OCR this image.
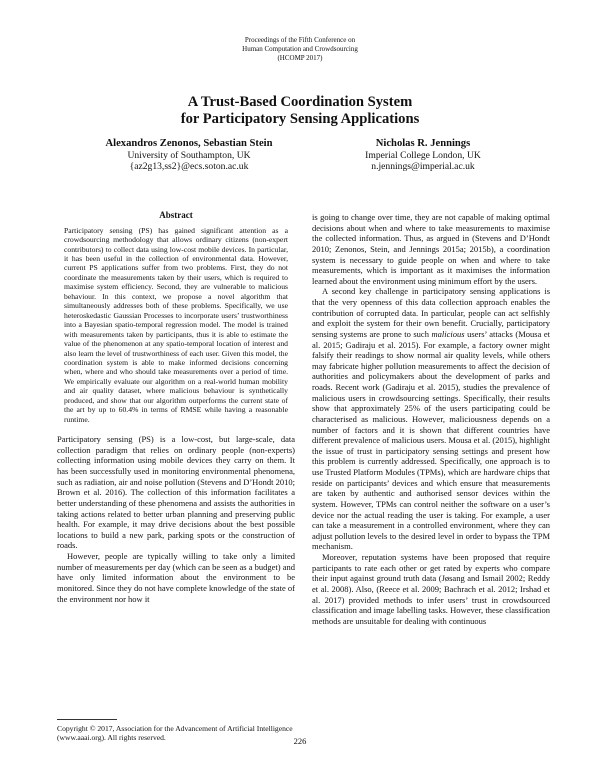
Proceedings of the Fifth Conference on
Human Computation and Crowdsourcing
(HCOMP 2017)
A Trust-Based Coordination System
for Participatory Sensing Applications
Alexandros Zenonos, Sebastian Stein
University of Southampton, UK
{az2g13,ss2}@ecs.soton.ac.uk
Nicholas R. Jennings
Imperial College London, UK
n.jennings@imperial.ac.uk
Abstract
Participatory sensing (PS) has gained significant attention as a crowdsourcing methodology that allows ordinary citizens (non-expert contributors) to collect data using low-cost mobile devices. In particular, it has been useful in the collection of environmental data. However, current PS applications suffer from two problems. First, they do not coordinate the measurements taken by their users, which is required to maximise system efficiency. Second, they are vulnerable to malicious behaviour. In this context, we propose a novel algorithm that simultaneously addresses both of these problems. Specifically, we use heteroskedastic Gaussian Processes to incorporate users’ trustworthiness into a Bayesian spatio-temporal regression model. The model is trained with measurements taken by participants, thus it is able to estimate the value of the phenomenon at any spatio-temporal location of interest and also learn the level of trustworthiness of each user. Given this model, the coordination system is able to make informed decisions concerning when, where and who should take measurements over a period of time. We empirically evaluate our algorithm on a real-world human mobility and air quality dataset, where malicious behaviour is synthetically produced, and show that our algorithm outperforms the current state of the art by up to 60.4% in terms of RMSE while having a reasonable runtime.

Participatory sensing (PS) is a low-cost, but large-scale, data collection paradigm that relies on ordinary people (non-experts) collecting information using mobile devices they carry on them. It has been successfully used in monitoring environmental phenomena, such as radiation, air and noise pollution (Stevens and D’Hondt 2010; Brown et al. 2016). The collection of this information facilitates a better understanding of these phenomena and assists the authorities in taking actions related to better urban planning and preserving public health. For example, it may drive decisions about the best possible locations to build a new park, parking spots or the construction of roads.

However, people are typically willing to take only a limited number of measurements per day (which can be seen as a budget) and have only limited information about the environment to be monitored. Since they do not have complete knowledge of the state of the environment nor how it

is going to change over time, they are not capable of making optimal decisions about when and where to take measurements to maximise the collected information. Thus, as argued in (Stevens and D’Hondt 2010; Zenonos, Stein, and Jennings 2015a; 2015b), a coordination system is necessary to guide people on when and where to take measurements, which is important as it maximises the information learned about the environment using minimum effort by the users.

A second key challenge in participatory sensing applications is that the very openness of this data collection approach enables the contribution of corrupted data. In particular, people can act selfishly and exploit the system for their own benefit. Crucially, participatory sensing systems are prone to such malicious users’ attacks (Mousa et al. 2015; Gadiraju et al. 2015). For example, a factory owner might falsify their readings to show normal air quality levels, while others may fabricate higher pollution measurements to affect the decision of authorities and policymakers about the development of parks and roads. Recent work (Gadiraju et al. 2015), studies the prevalence of malicious users in crowdsourcing settings. Specifically, their results show that approximately 25% of the users participating could be characterised as malicious. However, maliciousness depends on a number of factors and it is shown that different countries have different prevalence of malicious users. Mousa et al. (2015), highlight the issue of trust in participatory sensing settings and present how this problem is currently addressed. Specifically, one approach is to use Trusted Platform Modules (TPMs), which are hardware chips that reside on participants’ devices and which ensure that measurements are taken by authentic and authorised sensor devices within the system. However, TPMs can control neither the software on a user’s device nor the actual reading the user is taking. For example, a user can take a measurement in a controlled environment, where they can adjust pollution levels to the desired level in order to bypass the TPM mechanism.

Moreover, reputation systems have been proposed that require participants to rate each other or get rated by experts who compare their input against ground truth data (Jøsang and Ismail 2002; Reddy et al. 2008). Also, (Reece et al. 2009; Bachrach et al. 2012; Irshad et al. 2017) provided methods to infer users’ trust in crowdsourced classification and image labelling tasks. However, these classification methods are unsuitable for dealing with continuous

Copyright © 2017, Association for the Advancement of Artificial Intelligence (www.aaai.org). All rights reserved.	226
